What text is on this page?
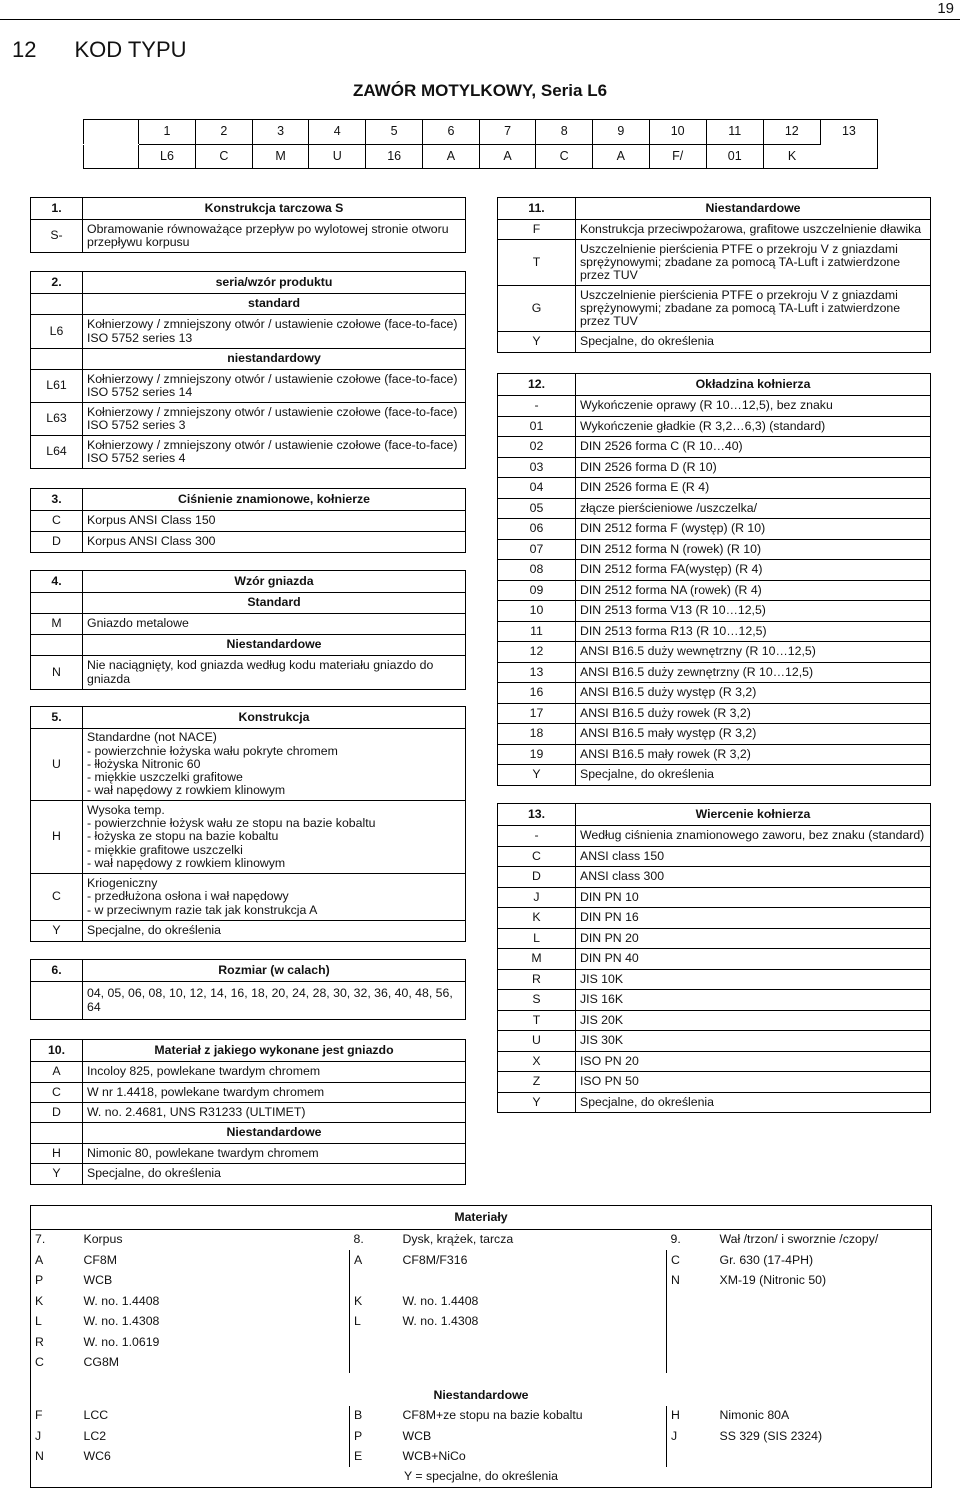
19
12 KOD TYPU
ZAWÓR MOTYLKOWY, Seria L6
	1	2	3	4	5	6	7	8	9	10	11	12	13
	L6	C	M	U	16	A	A	C	A	F/	01	K	
1.	Konstrukcja tarczowa S
S-	Obramowanie równoważące przepływ po wylotowej stronie otworu przepływu korpusu
2.	seria/wzór produktu
	standard
L6	Kołnierzowy / zmniejszony otwór / ustawienie czołowe (face-to-face) ISO 5752 series 13
	niestandardowy
L61	Kołnierzowy / zmniejszony otwór / ustawienie czołowe (face-to-face) ISO 5752 series 14
L63	Kołnierzowy / zmniejszony otwór / ustawienie czołowe (face-to-face) ISO 5752 series 3
L64	Kołnierzowy / zmniejszony otwór / ustawienie czołowe (face-to-face) ISO 5752 series 4
3.	Ciśnienie znamionowe, kołnierze
C	Korpus ANSI Class 150
D	Korpus ANSI Class 300
4.	Wzór gniazda
	Standard
M	Gniazdo metalowe
	Niestandardowe
N	Nie naciągnięty, kod gniazda według kodu materiału gniazdo do gniazda
5.	Konstrukcja
U	Standardne (not NACE)
- powierzchnie łożyska wału pokryte chromem
- łłożyska Nitronic 60
- miękkie uszczelki grafitowe
- wał napędowy z rowkiem klinowym

H	Wysoka temp.
- powierzchnie łożysk wału ze stopu na bazie kobaltu
- łożyska ze stopu na bazie kobaltu
- miękkie grafitowe uszczelki
- wał napędowy z rowkiem klinowym

C	Kriogeniczny
- przedłużona osłona i wał napędowy
- w przeciwnym razie tak jak konstrukcja A

Y	Specjalne, do określenia
6.	Rozmiar (w calach)
	04, 05, 06, 08, 10, 12, 14, 16, 18, 20, 24, 28, 30, 32, 36, 40, 48, 56, 64
10.	Materiał z jakiego wykonane jest gniazdo
A	Incoloy 825, powlekane twardym chromem
C	W nr 1.4418, powlekane twardym chromem
D	W. no. 2.4681, UNS R31233 (ULTIMET)
	Niestandardowe
H	Nimonic 80, powlekane twardym chromem
Y	Specjalne, do określenia
11.	Niestandardowe
F	Konstrukcja przeciwpożarowa, grafitowe uszczelnienie dławika
T	Uszczelnienie pierścienia PTFE o przekroju V z gniazdami sprężynowymi; zbadane za pomocą TA-Luft i zatwierdzone przez TUV
G	Uszczelnienie pierścienia PTFE o przekroju V z gniazdami sprężynowymi; zbadane za pomocą TA-Luft i zatwierdzone przez TUV
Y	Specjalne, do określenia
12.	Okładzina kołnierza
-	Wykończenie oprawy (R 10…12,5), bez znaku
01	Wykończenie gładkie (R 3,2…6,3) (standard)
02	DIN 2526 forma C (R 10…40)
03	DIN 2526 forma D (R 10)
04	DIN 2526 forma E (R 4)
05	złącze pierścieniowe /uszczelka/
06	DIN 2512 forma F (występ) (R 10)
07	DIN 2512 forma N (rowek) (R 10)
08	DIN 2512 forma FA(występ) (R 4)
09	DIN 2512 forma NA (rowek) (R 4)
10	DIN 2513 forma V13 (R 10…12,5)
11	DIN 2513 forma R13 (R 10…12,5)
12	ANSI B16.5 duży wewnętrzny (R 10…12,5)
13	ANSI B16.5 duży zewnętrzny (R 10…12,5)
16	ANSI B16.5 duży występ (R 3,2)
17	ANSI B16.5 duży rowek (R 3,2)
18	ANSI B16.5 mały występ (R 3,2)
19	ANSI B16.5 mały rowek (R 3,2)
Y	Specjalne, do określenia
13.	Wiercenie kołnierza
-	Według ciśnienia znamionowego zaworu, bez znaku (standard)
C	ANSI class 150
D	ANSI class 300
J	DIN PN 10
K	DIN PN 16
L	DIN PN 20
M	DIN PN 40
R	JIS 10K
S	JIS 16K
T	JIS 20K
U	JIS 30K
X	ISO PN 20
Z	ISO PN 50
Y	Specjalne, do określenia
Materiały					
7.	Korpus	8.	Dysk, krążek, tarcza	9.	Wał /trzon/ i sworznie /czopy/
A	CF8M	A	CF8M/F316	C	Gr. 630 (17-4PH)
P	WCB			N	XM-19 (Nitronic 50)
K	W. no. 1.4408	K	W. no. 1.4408		
L	W. no. 1.4308	L	W. no. 1.4308		
R	W. no. 1.0619				
C	CG8M				

Niestandardowe					
F	LCC	B	CF8M+ze stopu na bazie kobaltu	H	Nimonic 80A
J	LC2	P	WCB	J	SS 329 (SIS 2324)
N	WC6	E	WCB+NiCo		
Y = specjalne, do określenia					
